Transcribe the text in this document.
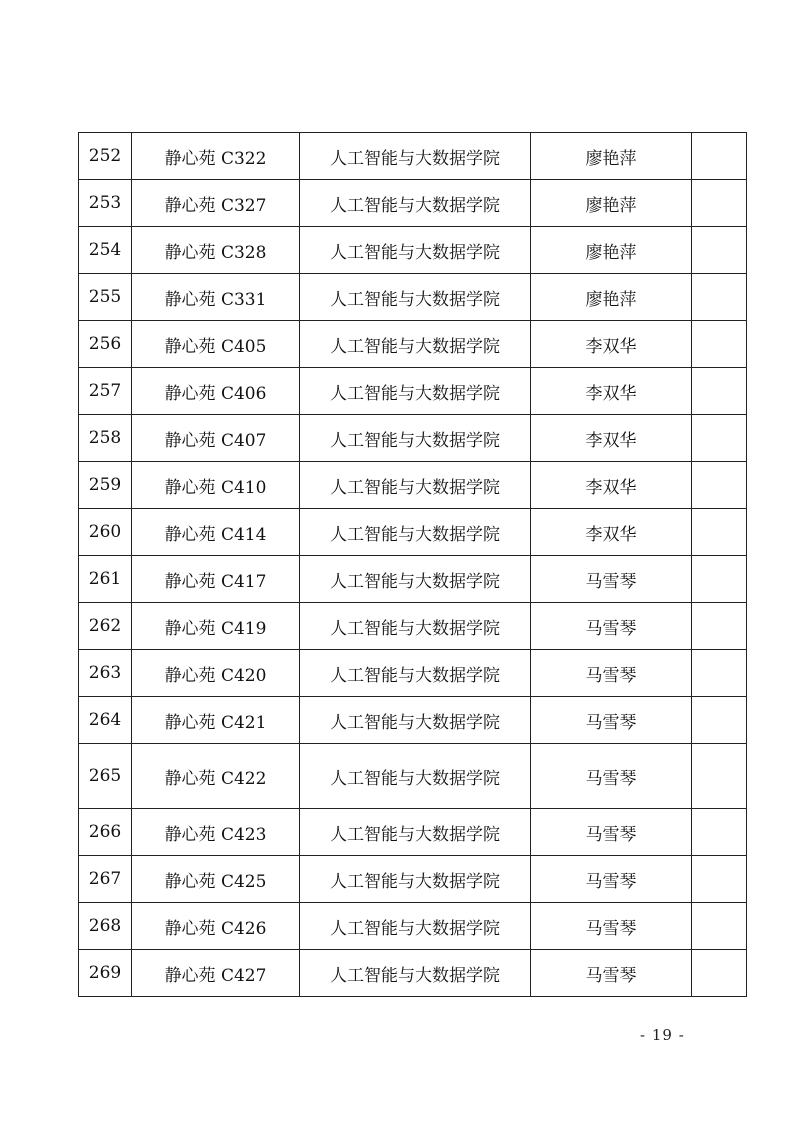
252	静心苑 C322	人工智能与大数据学院	廖艳萍	
253	静心苑 C327	人工智能与大数据学院	廖艳萍	
254	静心苑 C328	人工智能与大数据学院	廖艳萍	
255	静心苑 C331	人工智能与大数据学院	廖艳萍	
256	静心苑 C405	人工智能与大数据学院	李双华	
257	静心苑 C406	人工智能与大数据学院	李双华	
258	静心苑 C407	人工智能与大数据学院	李双华	
259	静心苑 C410	人工智能与大数据学院	李双华	
260	静心苑 C414	人工智能与大数据学院	李双华	
261	静心苑 C417	人工智能与大数据学院	马雪琴	
262	静心苑 C419	人工智能与大数据学院	马雪琴	
263	静心苑 C420	人工智能与大数据学院	马雪琴	
264	静心苑 C421	人工智能与大数据学院	马雪琴	
265	静心苑 C422	人工智能与大数据学院	马雪琴	
266	静心苑 C423	人工智能与大数据学院	马雪琴	
267	静心苑 C425	人工智能与大数据学院	马雪琴	
268	静心苑 C426	人工智能与大数据学院	马雪琴	
269	静心苑 C427	人工智能与大数据学院	马雪琴	
- 19 -
